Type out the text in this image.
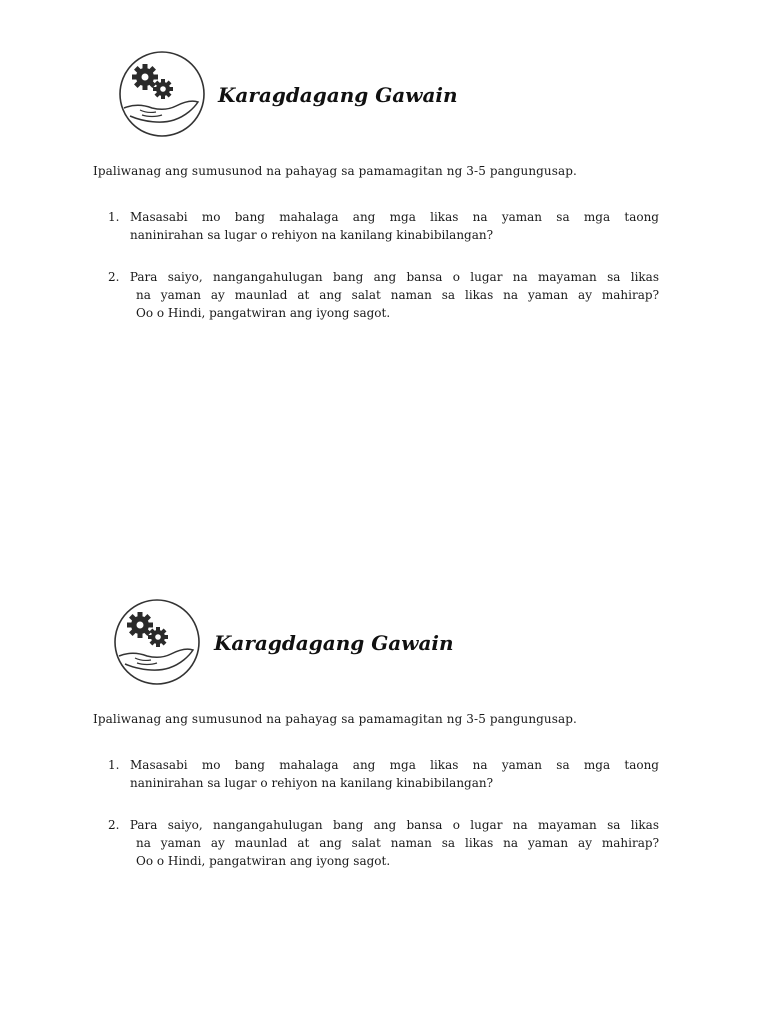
Karagdagang Gawain
Ipaliwanag ang sumusunod na pahayag sa pamamagitan ng 3-5 pangungusap.
1. Masasabi mo bang mahalaga ang mga likas na yaman sa mga taong
naninirahan sa lugar o rehiyon na kanilang kinabibilangan?
2. Para saiyo, nangangahulugan bang ang bansa o lugar na mayaman sa likas
na yaman ay maunlad at ang salat naman sa likas na yaman ay mahirap?
Oo o Hindi, pangatwiran ang iyong sagot.
Karagdagang Gawain
Ipaliwanag ang sumusunod na pahayag sa pamamagitan ng 3-5 pangungusap.
1. Masasabi mo bang mahalaga ang mga likas na yaman sa mga taong
naninirahan sa lugar o rehiyon na kanilang kinabibilangan?
2. Para saiyo, nangangahulugan bang ang bansa o lugar na mayaman sa likas
na yaman ay maunlad at ang salat naman sa likas na yaman ay mahirap?
Oo o Hindi, pangatwiran ang iyong sagot.
